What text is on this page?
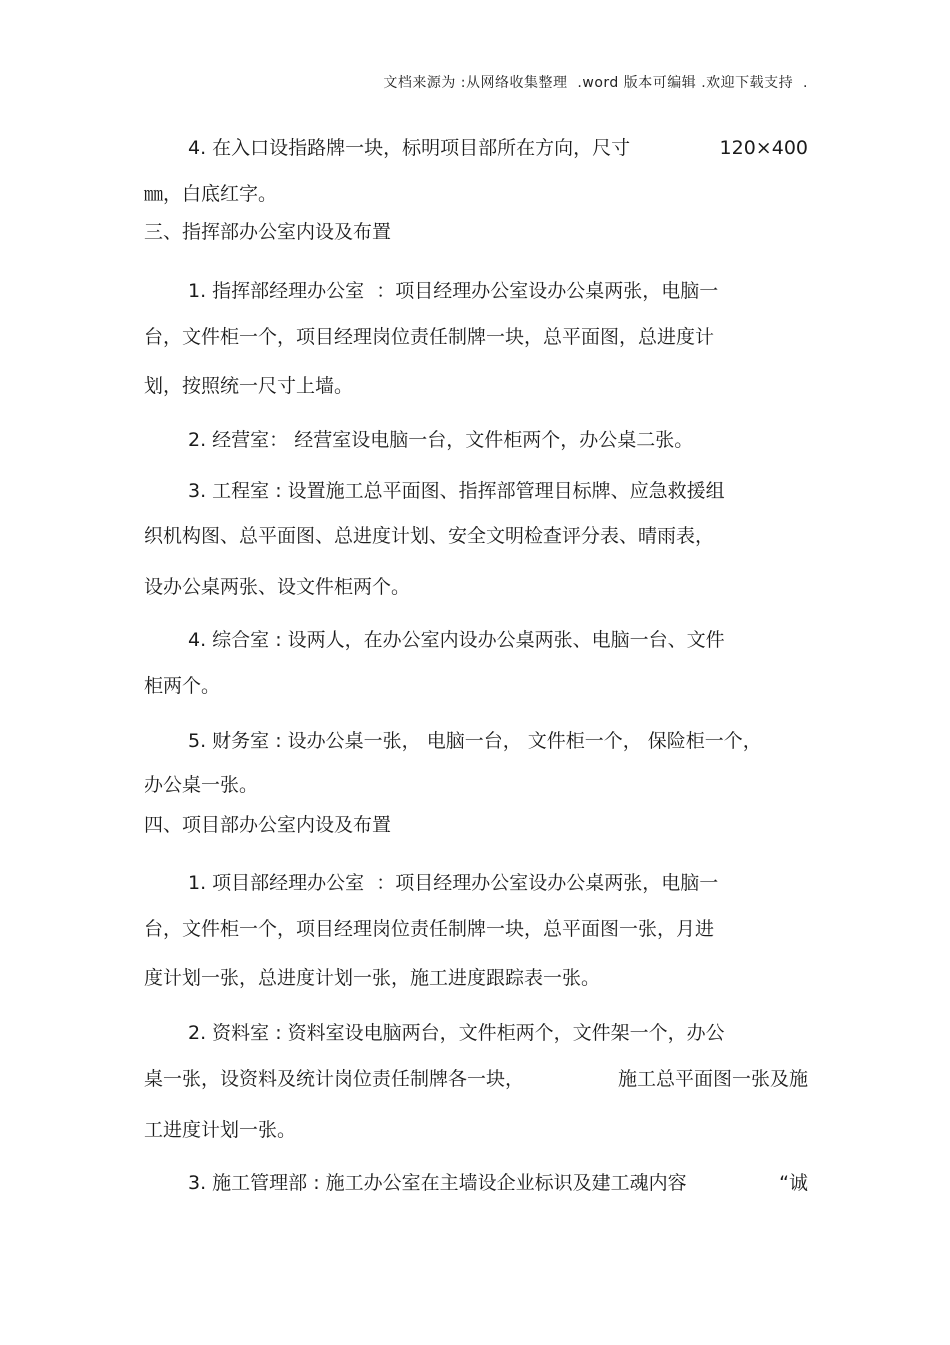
文档来源为 :从网络收集整理  .word 版本可编辑 .欢迎下载支持  .
4. 在入口设指路牌一块，标明项目部所在方向，尺寸	120×400
㎜，白底红字。
三、指挥部办公室内设及布置
1. 指挥部经理办公室  ：项目经理办公室设办公桌两张，电脑一
台，文件柜一个，项目经理岗位责任制牌一块，总平面图，总进度计
划，按照统一尺寸上墙。
2. 经营室： 经营室设电脑一台，文件柜两个，办公桌二张。
3. 工程室 : 设置施工总平面图、指挥部管理目标牌、应急救援组
织机构图、总平面图、总进度计划、安全文明检查评分表、晴雨表，
设办公桌两张、设文件柜两个。
4. 综合室 : 设两人，在办公室内设办公桌两张、电脑一台、文件
柜两个。
5. 财务室 : 设办公桌一张， 电脑一台， 文件柜一个， 保险柜一个，
办公桌一张。
四、项目部办公室内设及布置
1. 项目部经理办公室  ：项目经理办公室设办公桌两张，电脑一
台，文件柜一个，项目经理岗位责任制牌一块，总平面图一张，月进
度计划一张，总进度计划一张，施工进度跟踪表一张。
2. 资料室 : 资料室设电脑两台，文件柜两个，文件架一个，办公
桌一张，设资料及统计岗位责任制牌各一块，	施工总平面图一张及施
工进度计划一张。
3. 施工管理部 : 施工办公室在主墙设企业标识及建工魂内容	“诚
